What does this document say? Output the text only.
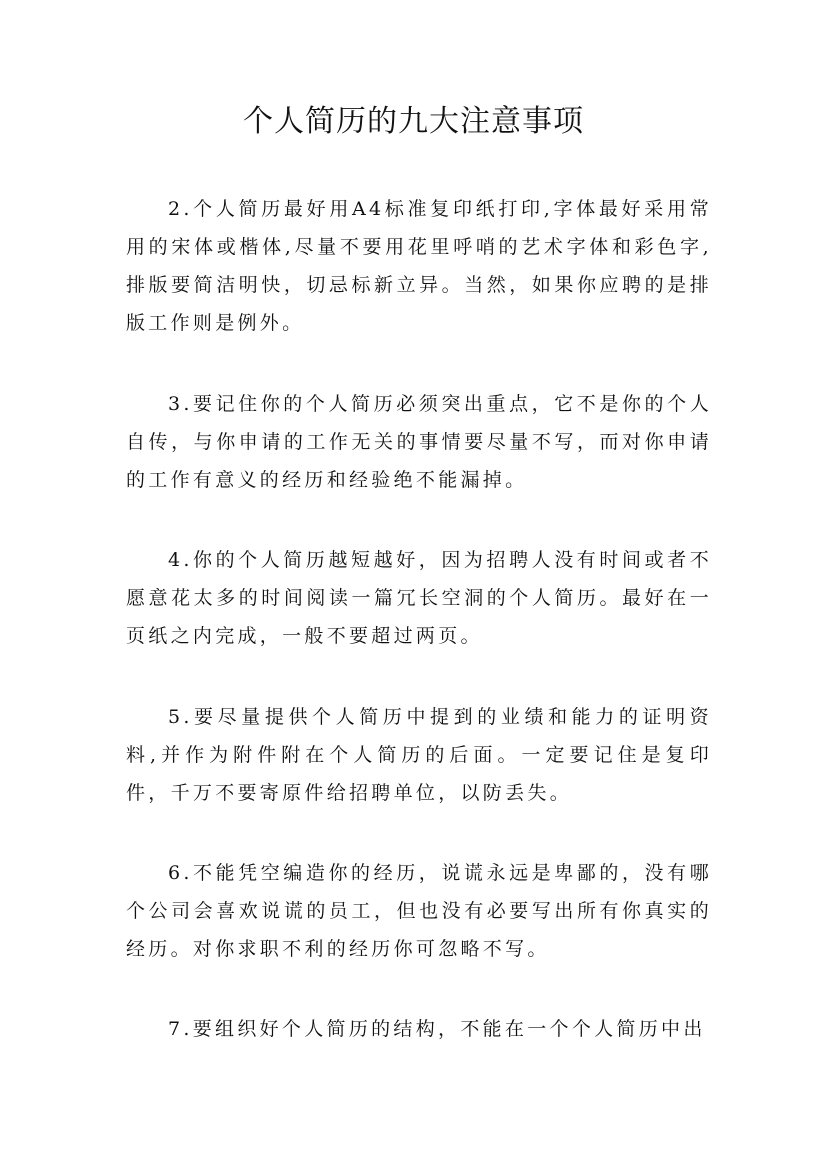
个人简历的九大注意事项

2.个人简历最好用A4标准复印纸打印,字体最好采用常用的宋体或楷体,尽量不要用花里呼哨的艺术字体和彩色字,排版要简洁明快，切忌标新立异。当然，如果你应聘的是排版工作则是例外。

3.要记住你的个人简历必须突出重点，它不是你的个人自传，与你申请的工作无关的事情要尽量不写，而对你申请的工作有意义的经历和经验绝不能漏掉。

4.你的个人简历越短越好，因为招聘人没有时间或者不愿意花太多的时间阅读一篇冗长空洞的个人简历。最好在一页纸之内完成，一般不要超过两页。

5.要尽量提供个人简历中提到的业绩和能力的证明资料,并作为附件附在个人简历的后面。一定要记住是复印件，千万不要寄原件给招聘单位，以防丢失。

6.不能凭空编造你的经历，说谎永远是卑鄙的，没有哪个公司会喜欢说谎的员工，但也没有必要写出所有你真实的经历。对你求职不利的经历你可忽略不写。

7.要组织好个人简历的结构，不能在一个个人简历中出
